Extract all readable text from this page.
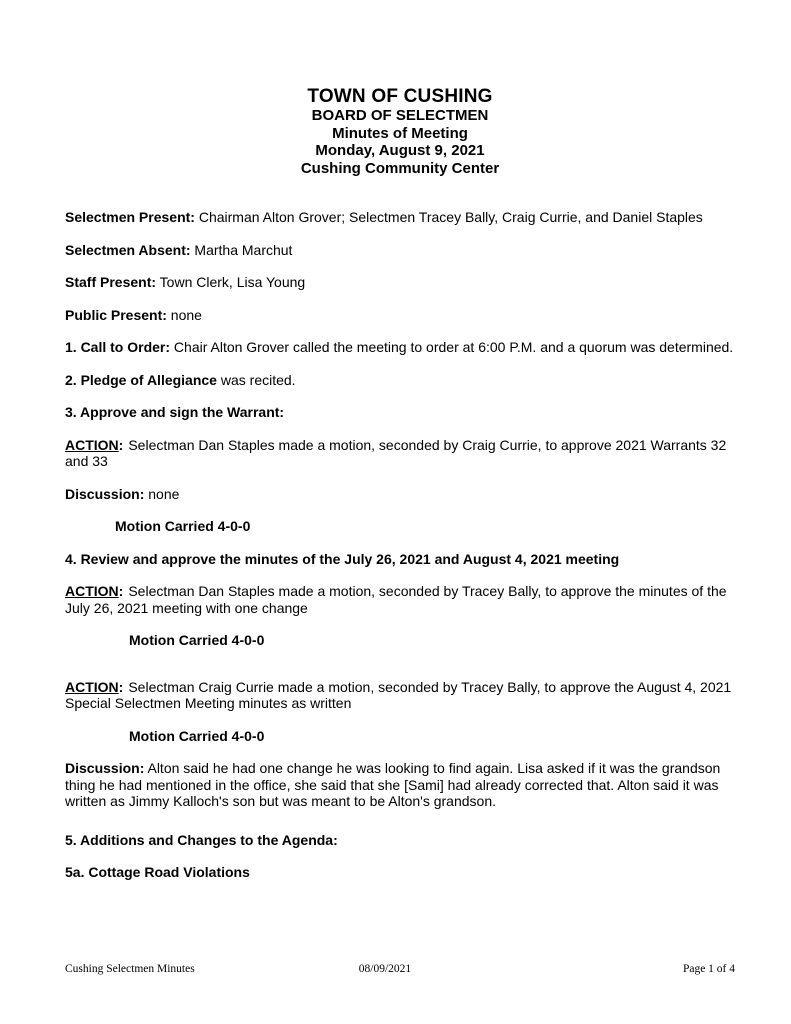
TOWN OF CUSHING
BOARD OF SELECTMEN
Minutes of Meeting
Monday, August 9, 2021
Cushing Community Center
Selectmen Present: Chairman Alton Grover; Selectmen Tracey Bally, Craig Currie, and Daniel Staples
Selectmen Absent: Martha Marchut
Staff Present: Town Clerk, Lisa Young
Public Present: none
1. Call to Order: Chair Alton Grover called the meeting to order at 6:00 P.M. and a quorum was determined.
2. Pledge of Allegiance was recited.
3. Approve and sign the Warrant:
ACTION: Selectman Dan Staples made a motion, seconded by Craig Currie, to approve 2021 Warrants 32 and 33
Discussion: none
Motion Carried 4-0-0
4. Review and approve the minutes of the July 26, 2021 and August 4, 2021 meeting
ACTION: Selectman Dan Staples made a motion, seconded by Tracey Bally, to approve the minutes of the July 26, 2021 meeting with one change
Motion Carried 4-0-0
ACTION: Selectman Craig Currie made a motion, seconded by Tracey Bally, to approve the August 4, 2021 Special Selectmen Meeting minutes as written
Motion Carried 4-0-0
Discussion: Alton said he had one change he was looking to find again. Lisa asked if it was the grandson thing he had mentioned in the office, she said that she [Sami] had already corrected that. Alton said it was written as Jimmy Kalloch's son but was meant to be Alton's grandson.
5. Additions and Changes to the Agenda:
5a. Cottage Road Violations
Cushing Selectmen Minutes	08/09/2021	Page 1 of 4
